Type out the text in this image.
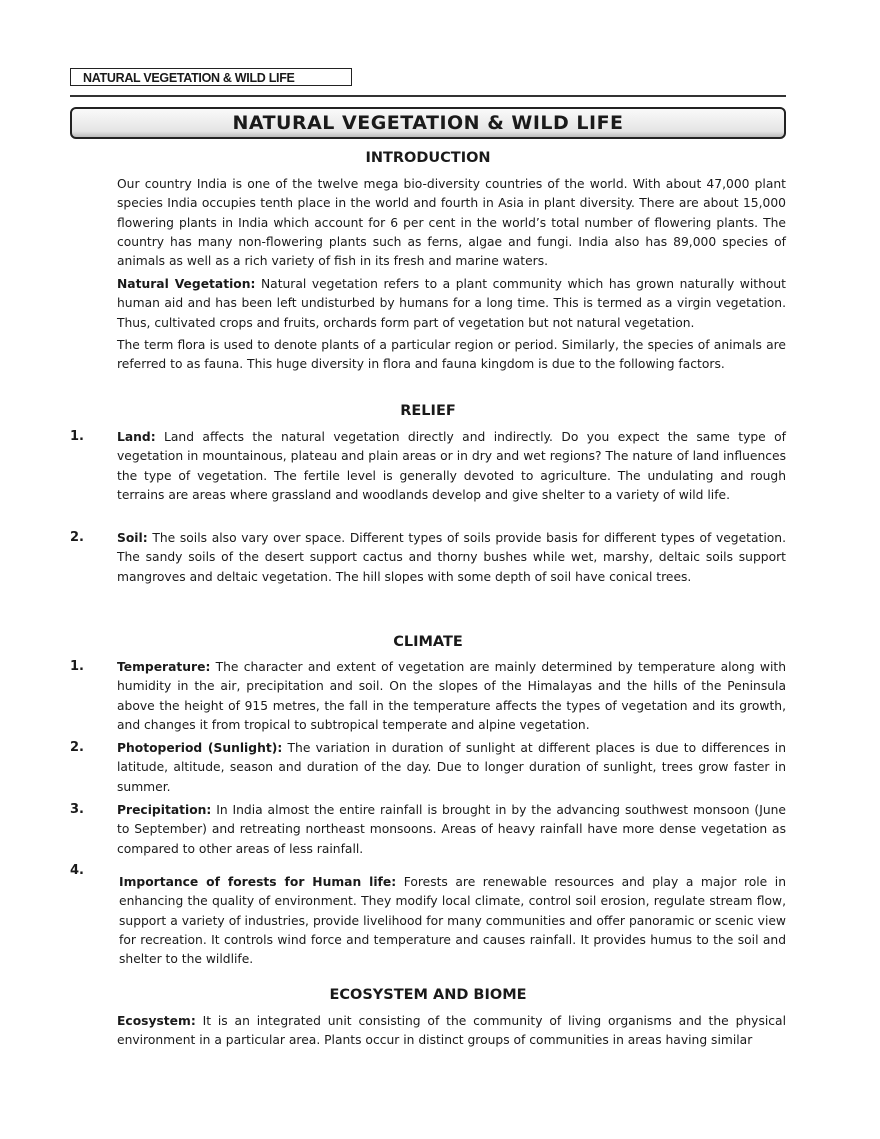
NATURAL VEGETATION & WILD LIFE
NATURAL VEGETATION & WILD LIFE
INTRODUCTION
Our country India is one of the twelve mega bio-diversity countries of the world. With about 47,000 plant species India occupies tenth place in the world and fourth in Asia in plant diversity. There are about 15,000 flowering plants in India which account for 6 per cent in the world’s total number of flowering plants. The country has many non-flowering plants such as ferns, algae and fungi. India also has 89,000 species of animals as well as a rich variety of fish in its fresh and marine waters.
Natural Vegetation: Natural vegetation refers to a plant community which has grown naturally without human aid and has been left undisturbed by humans for a long time. This is termed as a virgin vegetation. Thus, cultivated crops and fruits, orchards form part of vegetation but not natural vegetation.
The term flora is used to denote plants of a particular region or period. Similarly, the species of animals are referred to as fauna. This huge diversity in flora and fauna kingdom is due to the following factors.
RELIEF
1.	Land: Land affects the natural vegetation directly and indirectly. Do you expect the same type of vegetation in mountainous, plateau and plain areas or in dry and wet regions? The nature of land influences the type of vegetation. The fertile level is generally devoted to agriculture. The undulating and rough terrains are areas where grassland and woodlands develop and give shelter to a variety of wild life.
2.	Soil: The soils also vary over space. Different types of soils provide basis for different types of vegetation. The sandy soils of the desert support cactus and thorny bushes while wet, marshy, deltaic soils support mangroves and deltaic vegetation. The hill slopes with some depth of soil have conical trees.
CLIMATE
1.	Temperature: The character and extent of vegetation are mainly determined by temperature along with humidity in the air, precipitation and soil. On the slopes of the Himalayas and the hills of the Peninsula above the height of 915 metres, the fall in the temperature affects the types of vegetation and its growth, and changes it from tropical to subtropical temperate and alpine vegetation.
2.	Photoperiod (Sunlight): The variation in duration of sunlight at different places is due to differences in latitude, altitude, season and duration of the day. Due to longer duration of sunlight, trees grow faster in summer.
3.	Precipitation: In India almost the entire rainfall is brought in by the advancing southwest monsoon (June to September) and retreating northeast monsoons. Areas of heavy rainfall have more dense vegetation as compared to other areas of less rainfall.
4.
Importance of forests for Human life: Forests are renewable resources and play a major role in enhancing the quality of environment. They modify local climate, control soil erosion, regulate stream flow, support a variety of industries, provide livelihood for many communities and offer panoramic or scenic view for recreation. It controls wind force and temperature and causes rainfall. It provides humus to the soil and shelter to the wildlife.
ECOSYSTEM AND BIOME
Ecosystem: It is an integrated unit consisting of the community of living organisms and the physical environment in a particular area. Plants occur in distinct groups of communities in areas having similar
